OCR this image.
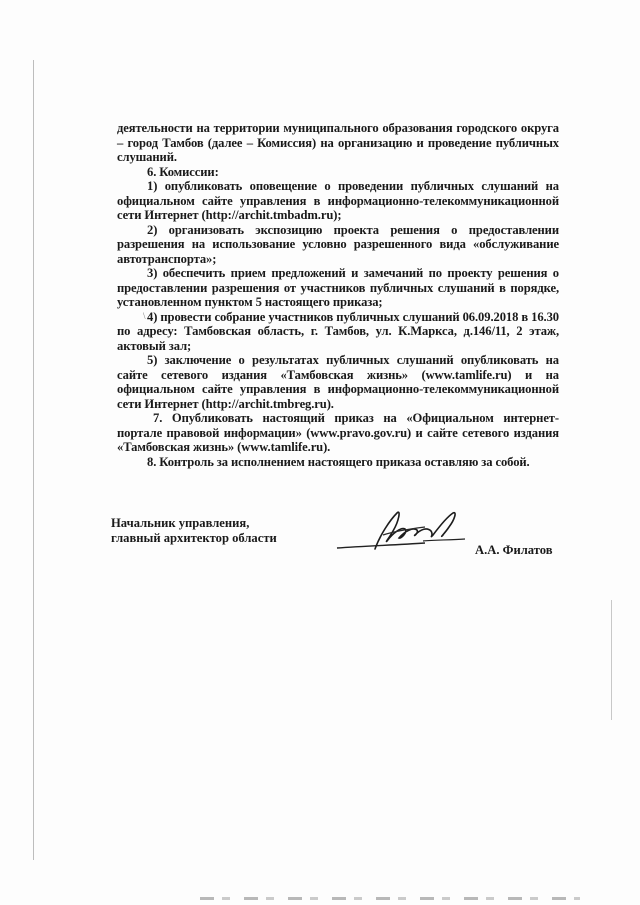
деятельности на территории муниципального образования городского округа – город Тамбов (далее – Комиссия) на организацию и проведение публичных слушаний.

6. Комиссии:

1) опубликовать оповещение о проведении публичных слушаний на официальном сайте управления в информационно-телекоммуникационной сети Интернет (http://archit.tmbadm.ru);

2) организовать экспозицию проекта решения о предоставлении разрешения на использование условно разрешенного вида «обслуживание автотранспорта»;

3) обеспечить прием предложений и замечаний по проекту решения о предоставлении разрешения от участников публичных слушаний в порядке, установленном пунктом 5 настоящего приказа;

4) провести собрание участников публичных слушаний 06.09.2018 в 16.30 по адресу: Тамбовская область, г. Тамбов, ул. К.Маркса, д.146/11, 2 этаж, актовый зал;

5) заключение о результатах публичных слушаний опубликовать на сайте сетевого издания «Тамбовская жизнь» (www.tamlife.ru) и на официальном сайте управления в информационно-телекоммуникационной сети Интернет (http://archit.tmbreg.ru).

7. Опубликовать настоящий приказ на «Официальном интернет-портале правовой информации» (www.pravo.gov.ru) и сайте сетевого издания «Тамбовская жизнь» (www.tamlife.ru).

8. Контроль за исполнением настоящего приказа оставляю за собой.

\
Начальник управления,
главный архитектор области
А.А. Филатов
